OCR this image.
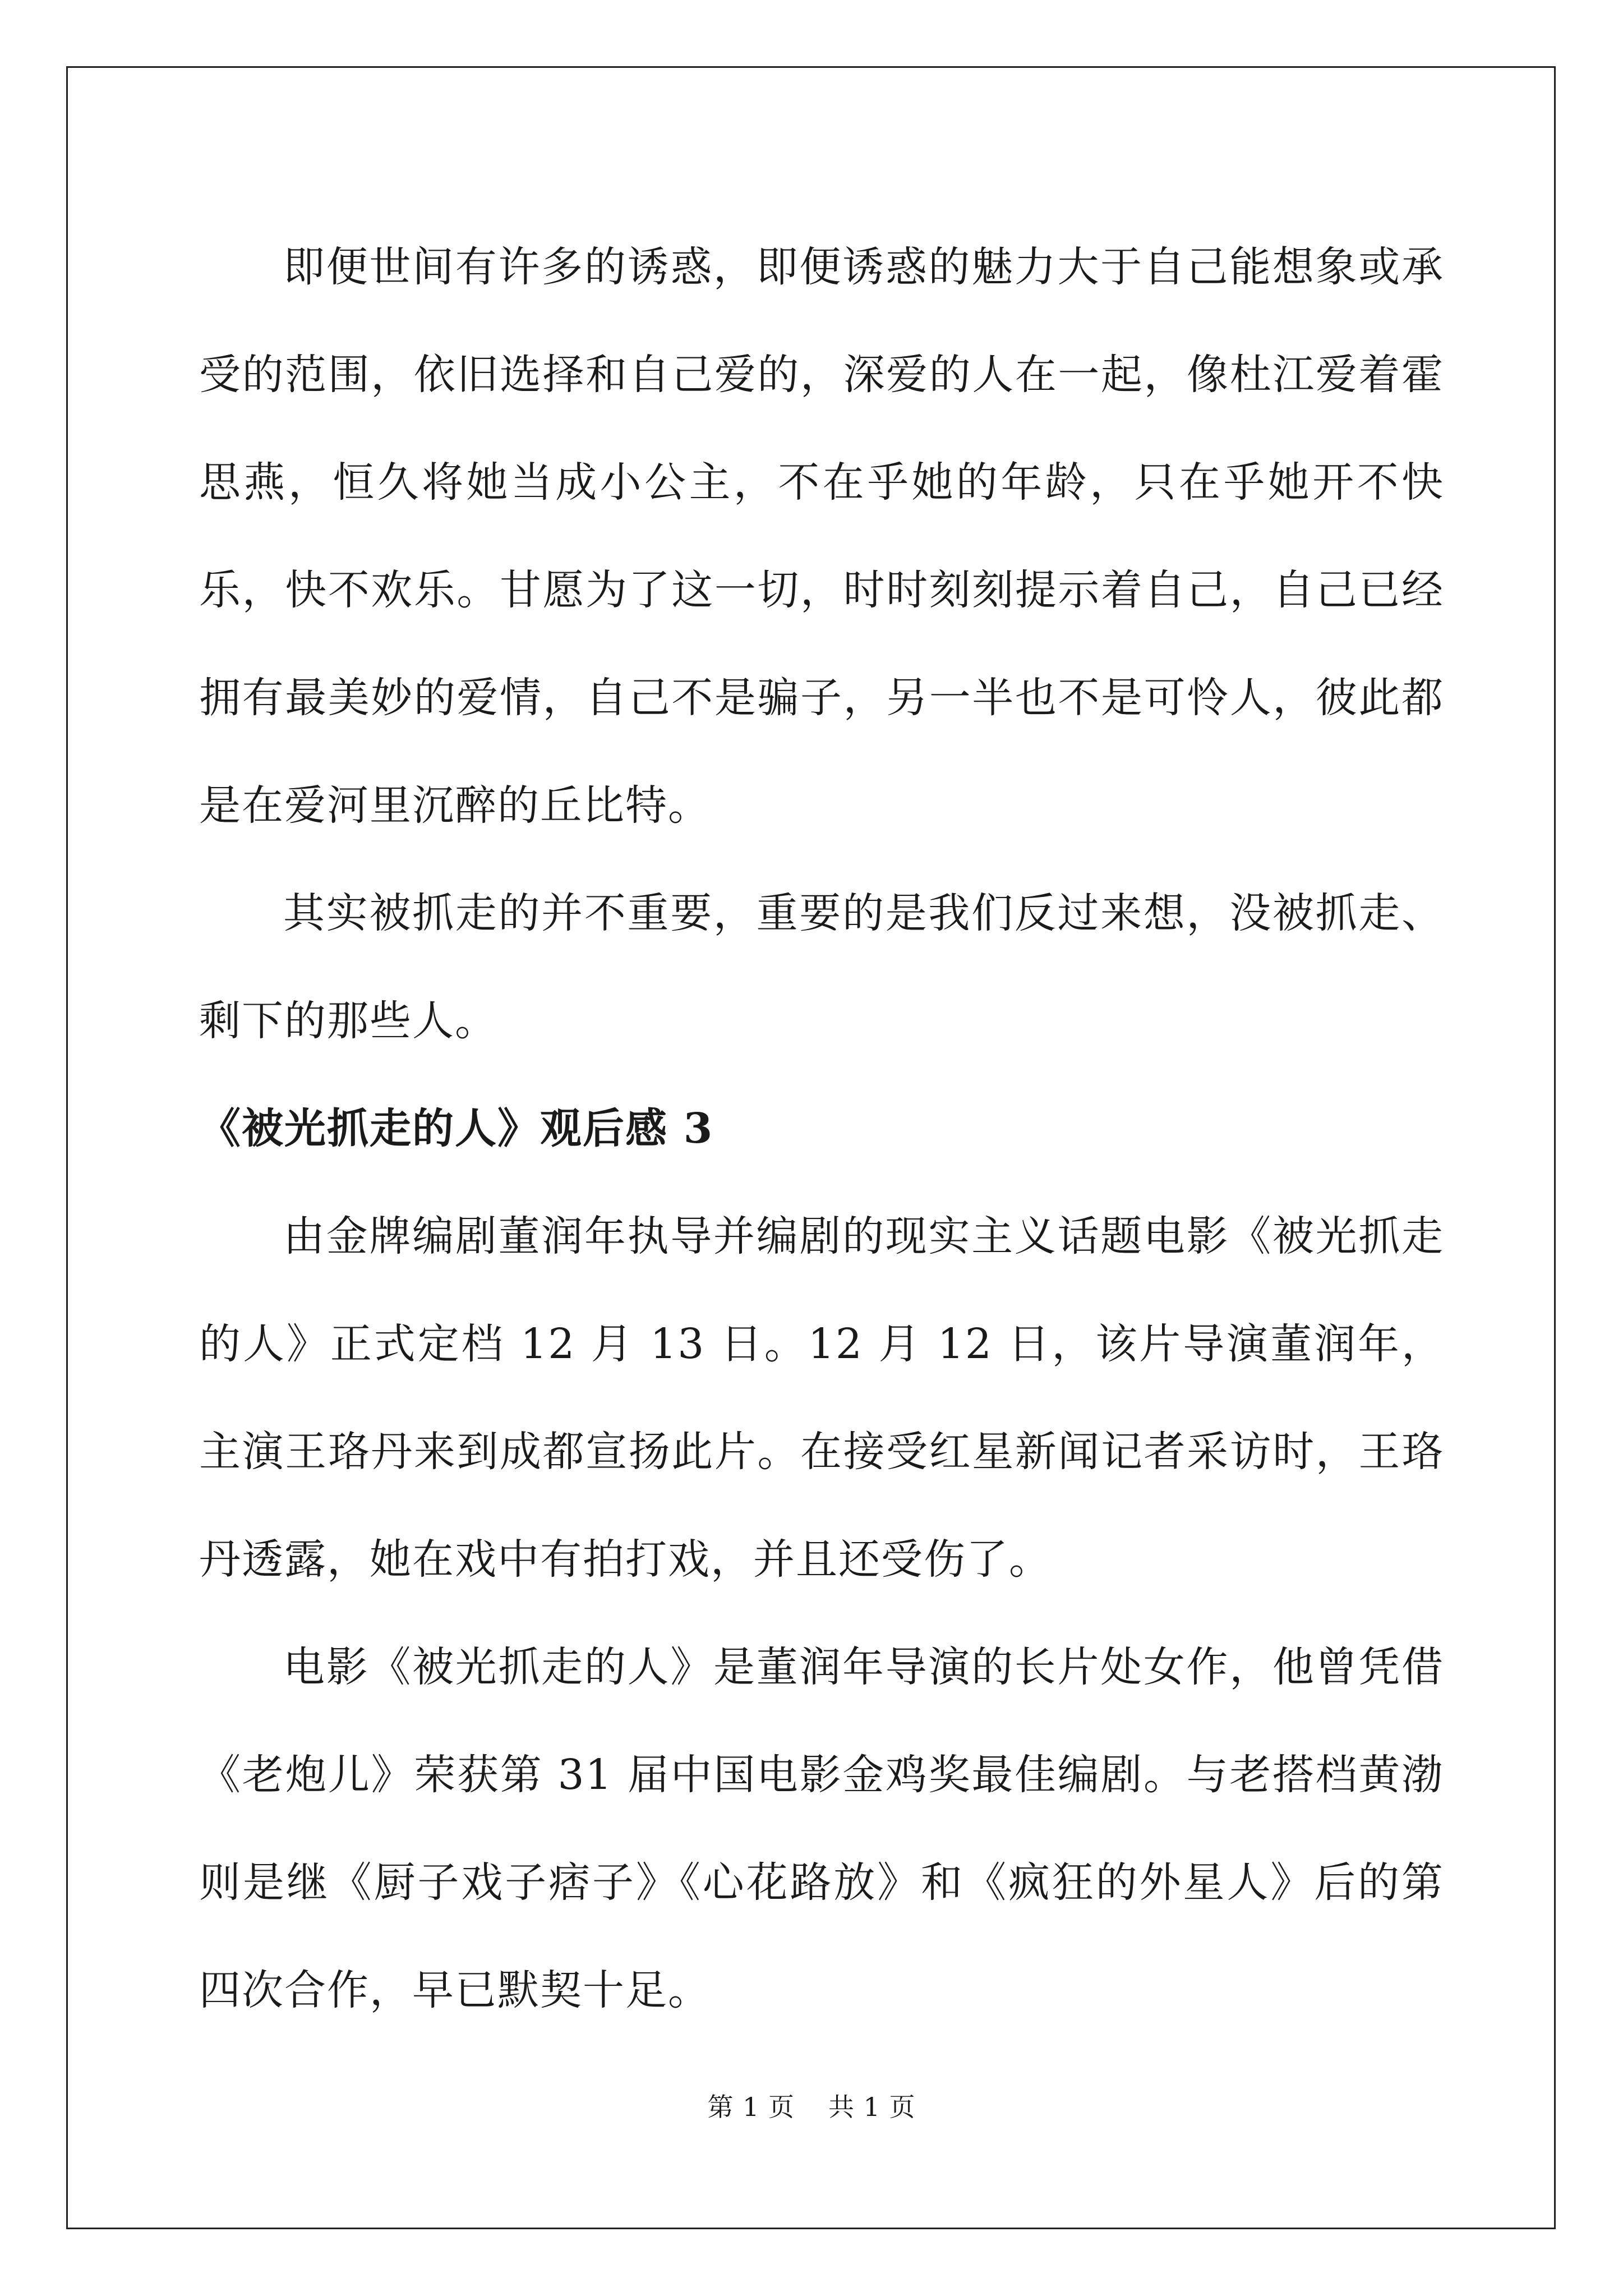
即便世间有许多的诱惑，即便诱惑的魅力大于自己能想象或承受的范围，依旧选择和自己爱的，深爱的人在一起，像杜江爱着霍思燕，恒久将她当成小公主，不在乎她的年龄，只在乎她开不快乐，快不欢乐。甘愿为了这一切，时时刻刻提示着自己，自己已经拥有最美妙的爱情，自己不是骗子，另一半也不是可怜人，彼此都是在爱河里沉醉的丘比特。

其实被抓走的并不重要，重要的是我们反过来想，没被抓走、剩下的那些人。

《被光抓走的人》观后感 3

由金牌编剧董润年执导并编剧的现实主义话题电影《被光抓走的人》正式定档 12 月 13 日。12 月 12 日，该片导演董润年，主演王珞丹来到成都宣扬此片。在接受红星新闻记者采访时，王珞丹透露，她在戏中有拍打戏，并且还受伤了。

电影《被光抓走的人》是董润年导演的长片处女作，他曾凭借《老炮儿》荣获第 31 届中国电影金鸡奖最佳编剧。与老搭档黄渤则是继《厨子戏子痞子》《心花路放》和《疯狂的外星人》后的第四次合作，早已默契十足。

第 1 页 共 1 页
